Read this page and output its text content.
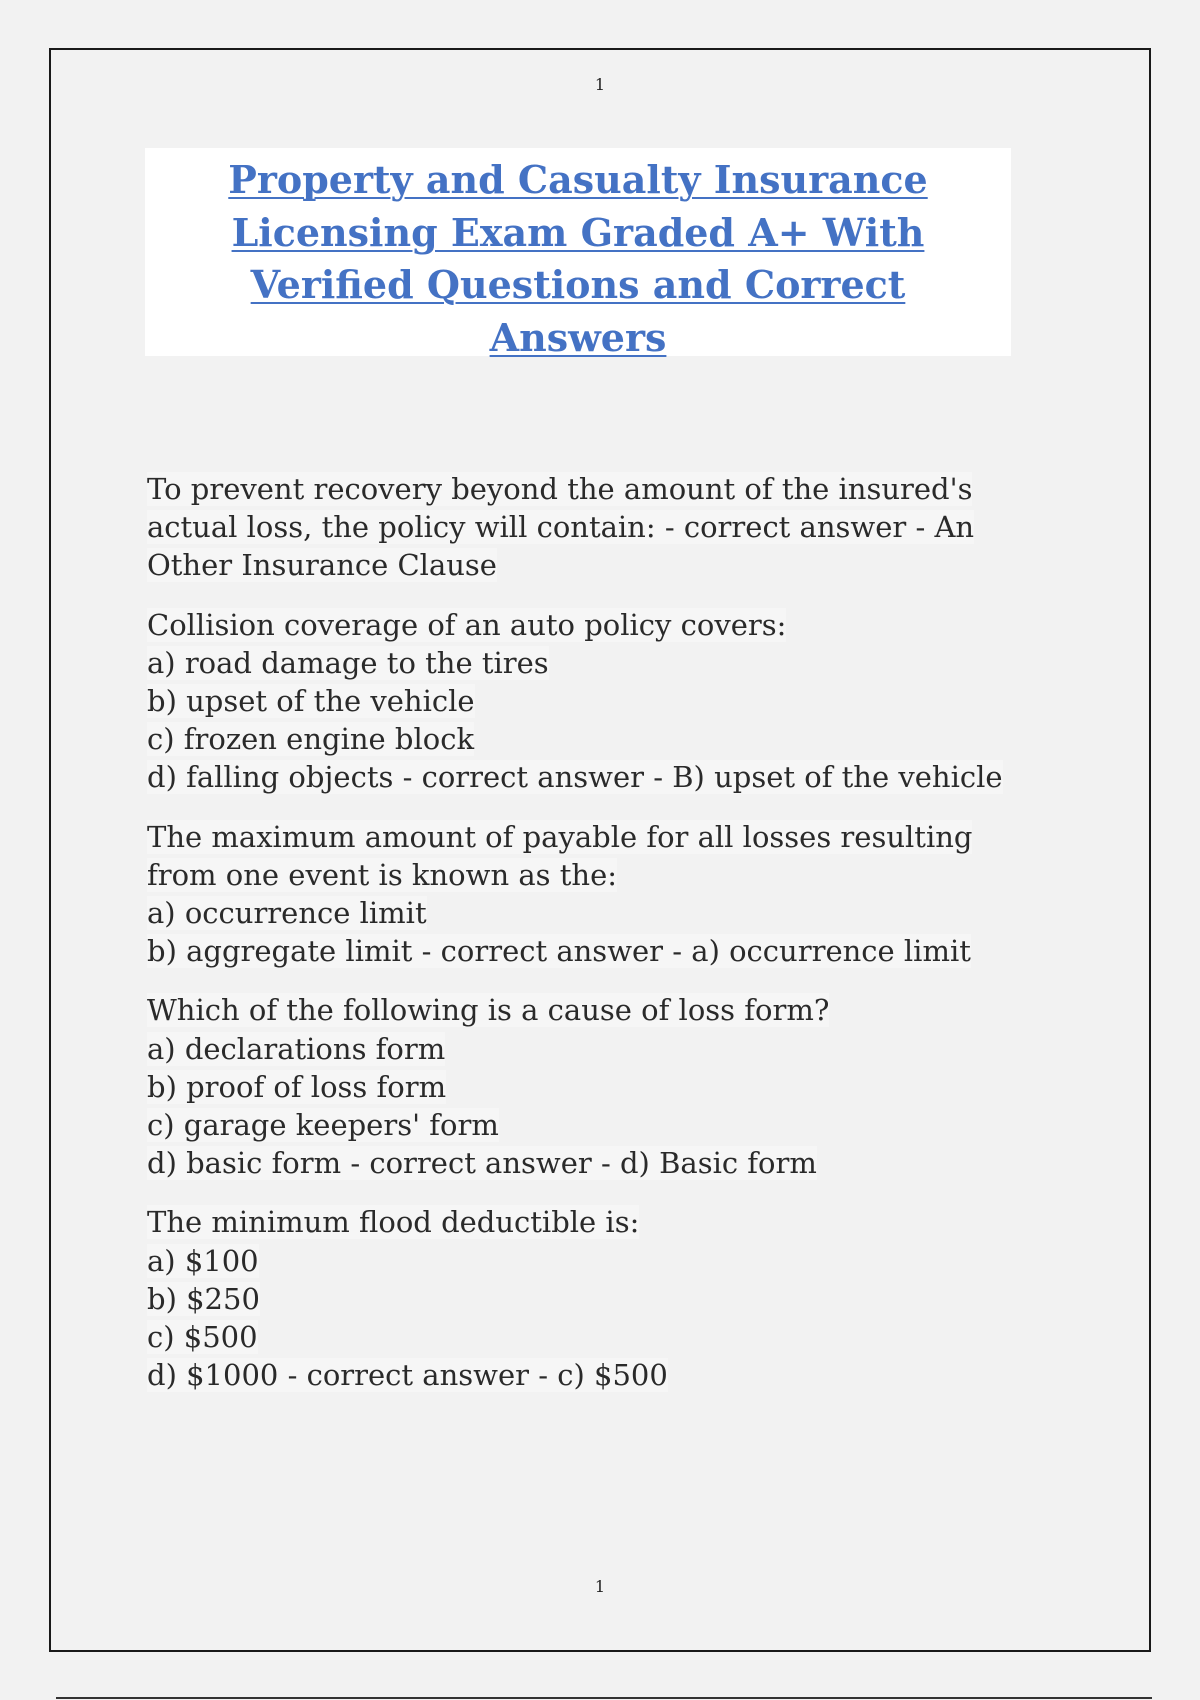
1
Property and Casualty Insurance
Licensing Exam Graded A+ With
Verified Questions and Correct
Answers
To prevent recovery beyond the amount of the insured's
actual loss, the policy will contain: - correct answer - An
Other Insurance Clause
Collision coverage of an auto policy covers:
a) road damage to the tires
b) upset of the vehicle
c) frozen engine block
d) falling objects - correct answer - B) upset of the vehicle
The maximum amount of payable for all losses resulting
from one event is known as the:
a) occurrence limit
b) aggregate limit - correct answer - a) occurrence limit
Which of the following is a cause of loss form?
a) declarations form
b) proof of loss form
c) garage keepers' form
d) basic form - correct answer - d) Basic form
The minimum flood deductible is:
a) $100
b) $250
c) $500
d) $1000 - correct answer - c) $500
1
